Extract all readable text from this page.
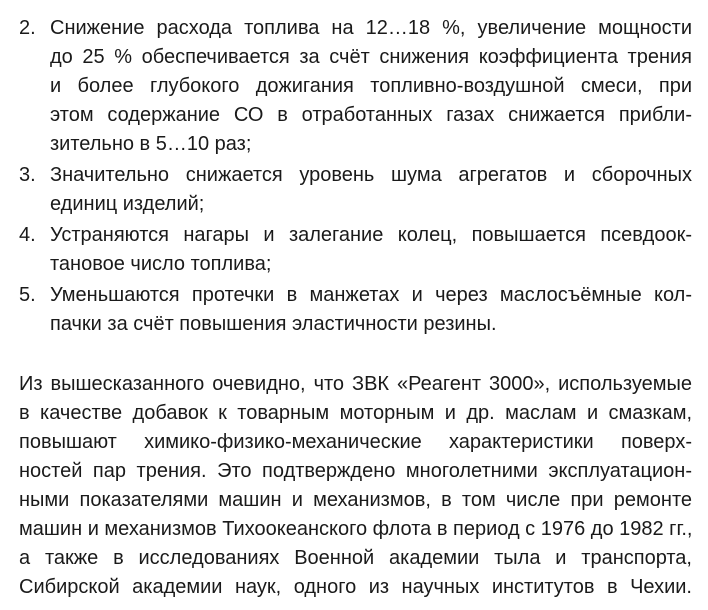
2. Снижение расхода топлива на 12…18 %, увеличение мощности
до 25 % обеспечивается за счёт снижения коэффициента трения
и более глубокого дожигания топливно-воздушной смеси, при
этом содержание СО в отработанных газах снижается прибли-
зительно в 5…10 раз;
3. Значительно снижается уровень шума агрегатов и сборочных
единиц изделий;
4. Устраняются нагары и залегание колец, повышается псевдоок-
тановое число топлива;
5. Уменьшаются протечки в манжетах и через маслосъёмные кол-
пачки за счёт повышения эластичности резины.
Из вышесказанного очевидно, что ЗВК «Реагент 3000», используемые
в качестве добавок к товарным моторным и др. маслам и смазкам,
повышают химико-физико-механические характеристики поверх-
ностей пар трения. Это подтверждено многолетними эксплуатацион-
ными показателями машин и механизмов, в том числе при ремонте
машин и механизмов Тихоокеанского флота в период с 1976 до 1982 гг.,
а также в исследованиях Военной академии тыла и транспорта,
Сибирской академии наук, одного из научных институтов в Чехии.
